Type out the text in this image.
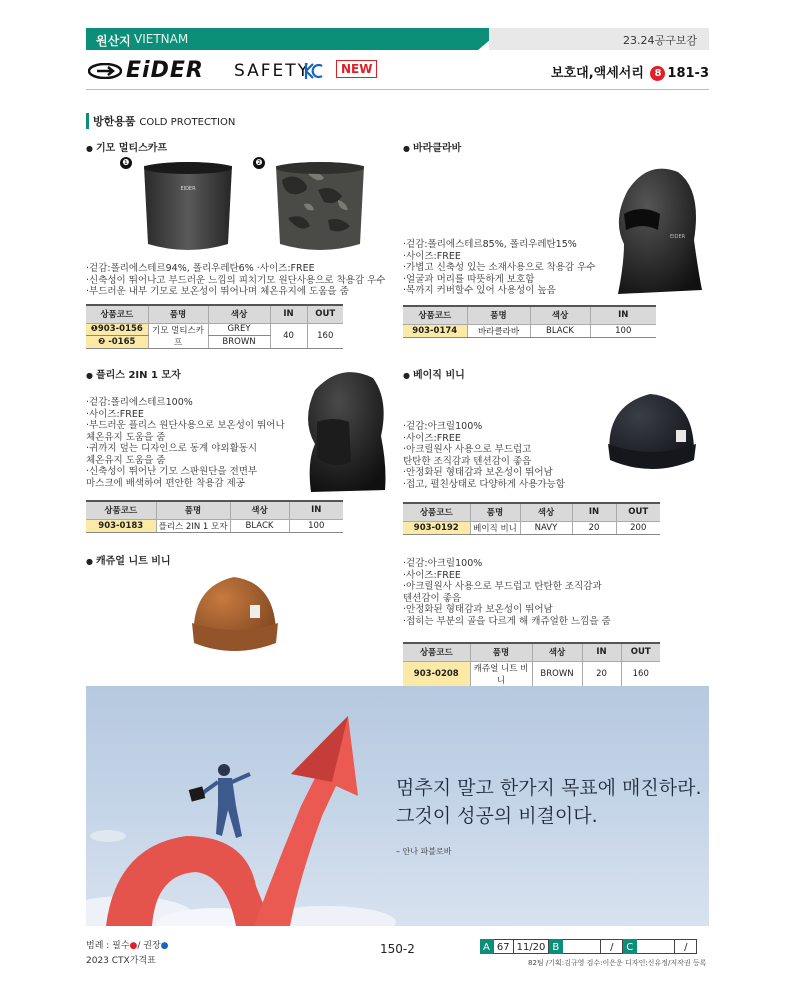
원산지 VIETNAM	23.24공구보감
EiDER SAFETY	NEW	보호대,액세서리 8 181-3
방한용품 COLD PROTECTION
● 기모 멀티스카프
❶	❷
EIDER
·겉감:폴리에스테르94%, 폴리우레탄6% ·사이즈:FREE
·신축성이 뛰어나고 부드러운 느낌의 피치기모 원단사용으로 착용감 우수
·부드러운 내부 기모로 보온성이 뛰어나며 체온유지에 도움을 줌
상품코드	품명	색상	IN	OUT
❶903-0156	기모 멀티스카프	GREY	40	160
❷ -0165		BROWN		
● 바라클라바
EIDER
·겉감:폴리에스테르85%, 폴리우레탄15%
·사이즈:FREE
·가볍고 신축성 있는 소재사용으로 착용감 우수
·얼굴과 머리를 따뜻하게 보호함
·목까지 커버할수 있어 사용성이 높음
상품코드	품명	색상	IN
903-0174	바라클라바	BLACK	100
● 플리스 2IN 1 모자
·겉감:폴리에스테르100%
·사이즈:FREE
·부드러운 플리스 원단사용으로 보온성이 뛰어나
체온유지 도움을 줌
·귀까지 덮는 디자인으로 동계 야외활동시
체온유지 도움을 줌
·신축성이 뛰어난 기모 스판원단을 전면부
마스크에 배색하여 편안한 착용감 제공
상품코드	품명	색상	IN
903-0183	플리스 2IN 1 모자	BLACK	100
● 베이직 비니
·겉감:아크릴100%
·사이즈:FREE
·아크릴원사 사용으로 부드럽고
탄탄한 조직감과 텐션감이 좋음
·안정화된 형태감과 보온성이 뛰어남
·접고, 펼친상태로 다양하게 사용가능함
상품코드	품명	색상	IN	OUT
903-0192	베이직 비니	NAVY	20	200
● 캐쥬얼 니트 비니	·겉감:아크릴100%
·사이즈:FREE
·아크릴원사 사용으로 부드럽고 탄탄한 조직감과
텐션감이 좋음
·안정화된 형태감과 보온성이 뛰어남
·접히는 부분의 골을 다르게 해 캐쥬얼한 느낌을 줌
상품코드	품명	색상	IN	OUT
903-0208	캐쥬얼 니트 비니	BROWN	20	160
멈추지 말고 한가지 목표에 매진하라.
그것이 성공의 비결이다.
– 안나 파블로바
범례 : 필수●/ 권장●
2023 CTX가격표
150-2	A 67 11/20 B	/	C	/
82팀 /기획:김규영 검수:이은운 디자인:신유정/저작권 등록
